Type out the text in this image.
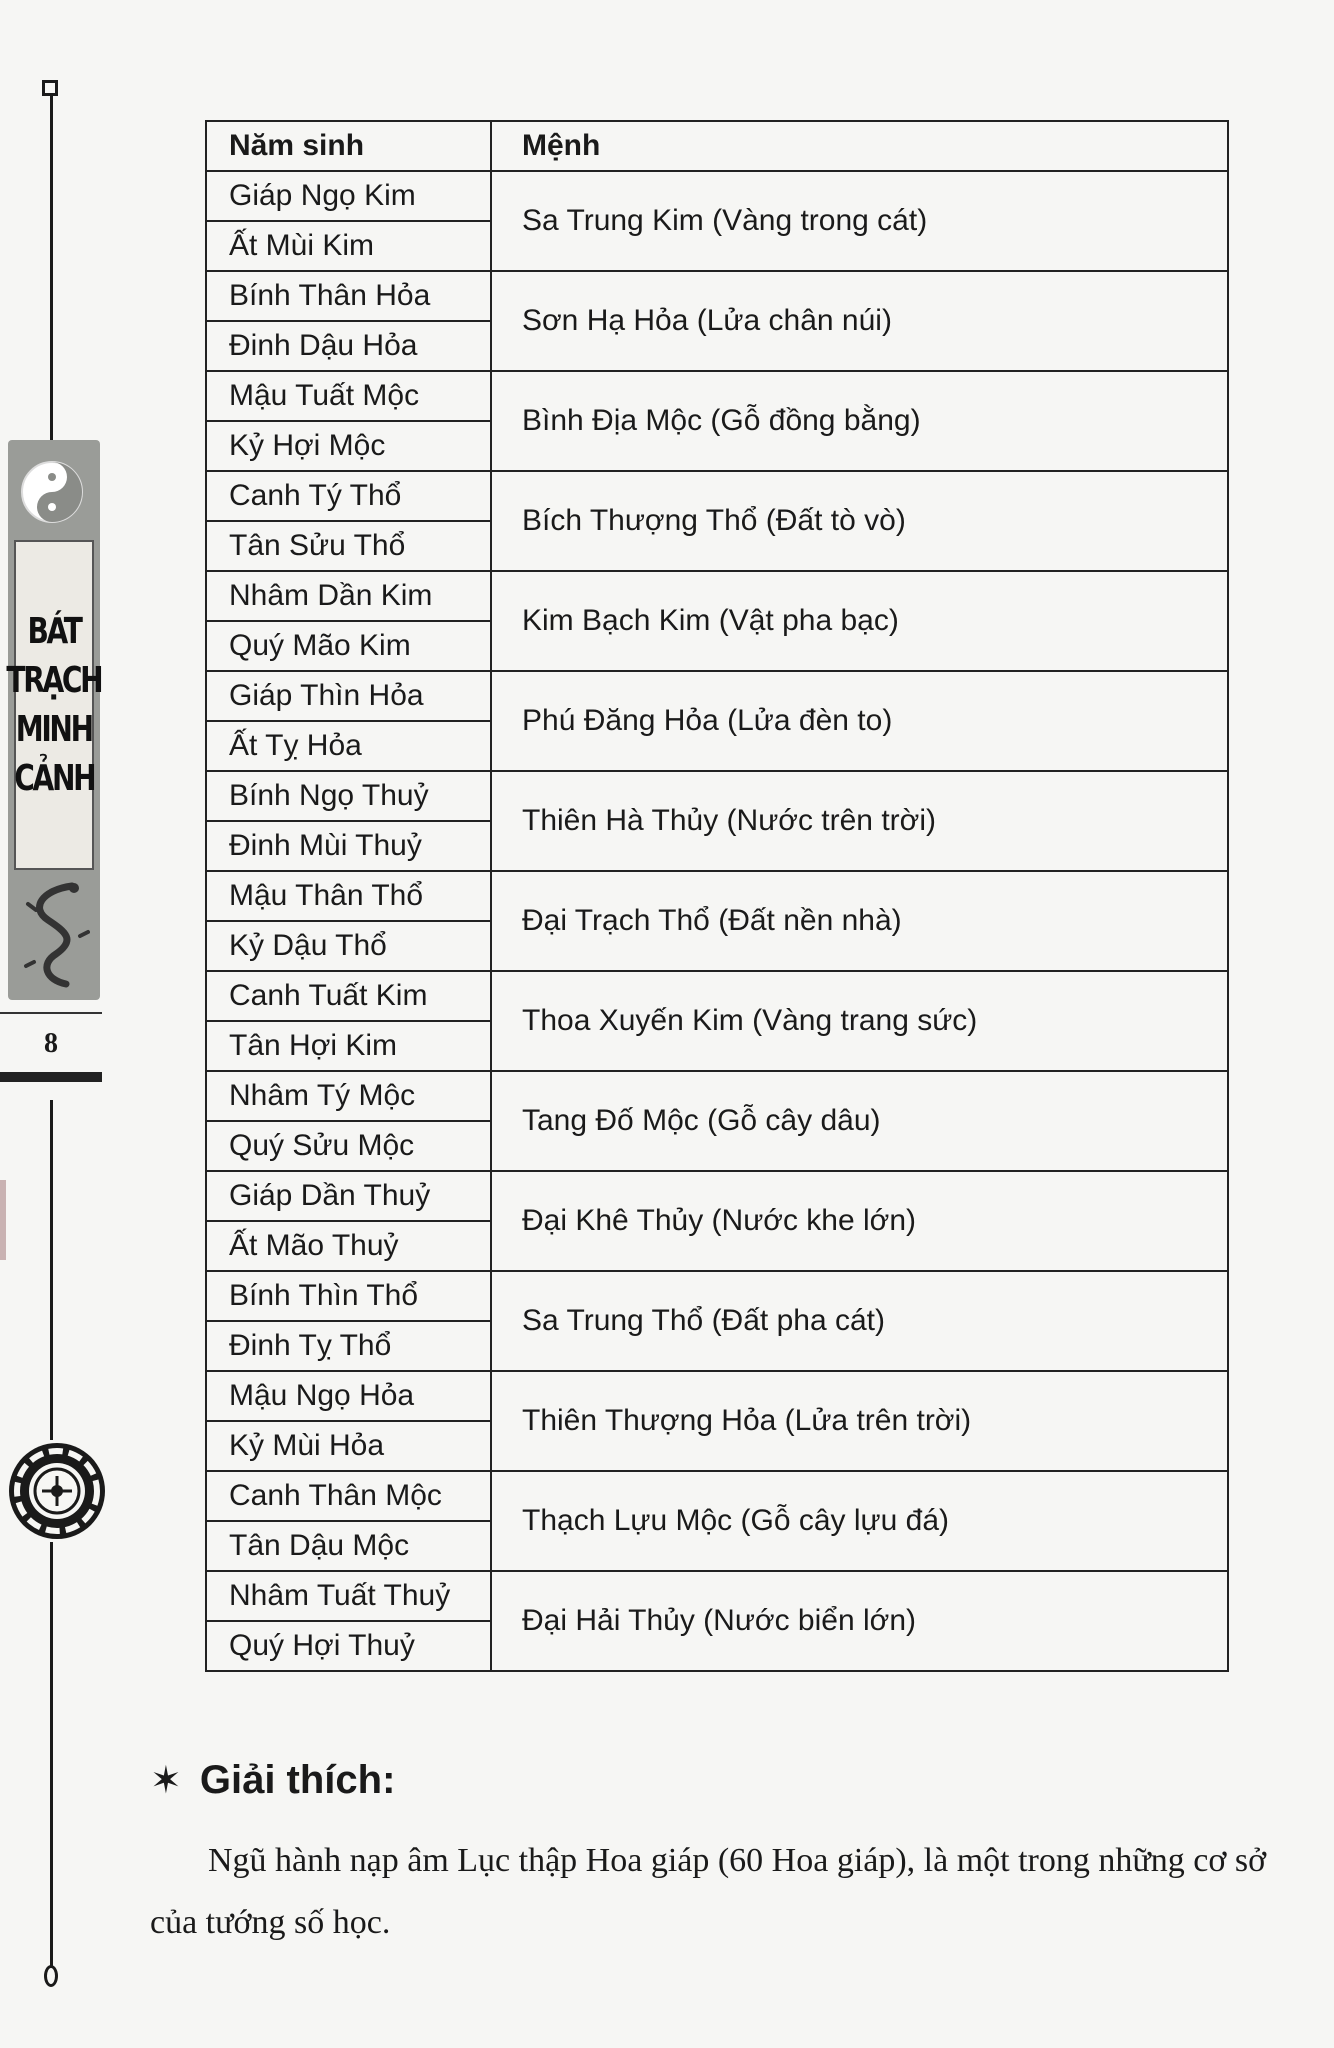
BÁT
TRẠCH
MINH
CẢNH
8
Năm sinh	Mệnh
Giáp Ngọ Kim	Sa Trung Kim (Vàng trong cát)
Ất Mùi Kim	
Bính Thân Hỏa	Sơn Hạ Hỏa (Lửa chân núi)
Đinh Dậu Hỏa	
Mậu Tuất Mộc	Bình Địa Mộc (Gỗ đồng bằng)
Kỷ Hợi Mộc	
Canh Tý Thổ	Bích Thượng Thổ (Đất tò vò)
Tân Sửu Thổ	
Nhâm Dần Kim	Kim Bạch Kim (Vật pha bạc)
Quý Mão Kim	
Giáp Thìn Hỏa	Phú Đăng Hỏa (Lửa đèn to)
Ất Tỵ Hỏa	
Bính Ngọ Thuỷ	Thiên Hà Thủy (Nước trên trời)
Đinh Mùi Thuỷ	
Mậu Thân Thổ	Đại Trạch Thổ (Đất nền nhà)
Kỷ Dậu Thổ	
Canh Tuất Kim	Thoa Xuyến Kim (Vàng trang sức)
Tân Hợi Kim	
Nhâm Tý Mộc	Tang Đố Mộc (Gỗ cây dâu)
Quý Sửu Mộc	
Giáp Dần Thuỷ	Đại Khê Thủy (Nước khe lớn)
Ất Mão Thuỷ	
Bính Thìn Thổ	Sa Trung Thổ (Đất pha cát)
Đinh Tỵ Thổ	
Mậu Ngọ Hỏa	Thiên Thượng Hỏa (Lửa trên trời)
Kỷ Mùi Hỏa	
Canh Thân Mộc	Thạch Lựu Mộc (Gỗ cây lựu đá)
Tân Dậu Mộc	
Nhâm Tuất Thuỷ	Đại Hải Thủy (Nước biển lớn)
Quý Hợi Thuỷ	
✶ Giải thích:

Ngũ hành nạp âm Lục thập Hoa giáp (60 Hoa giáp), là một trong những cơ sở của tướng số học.
